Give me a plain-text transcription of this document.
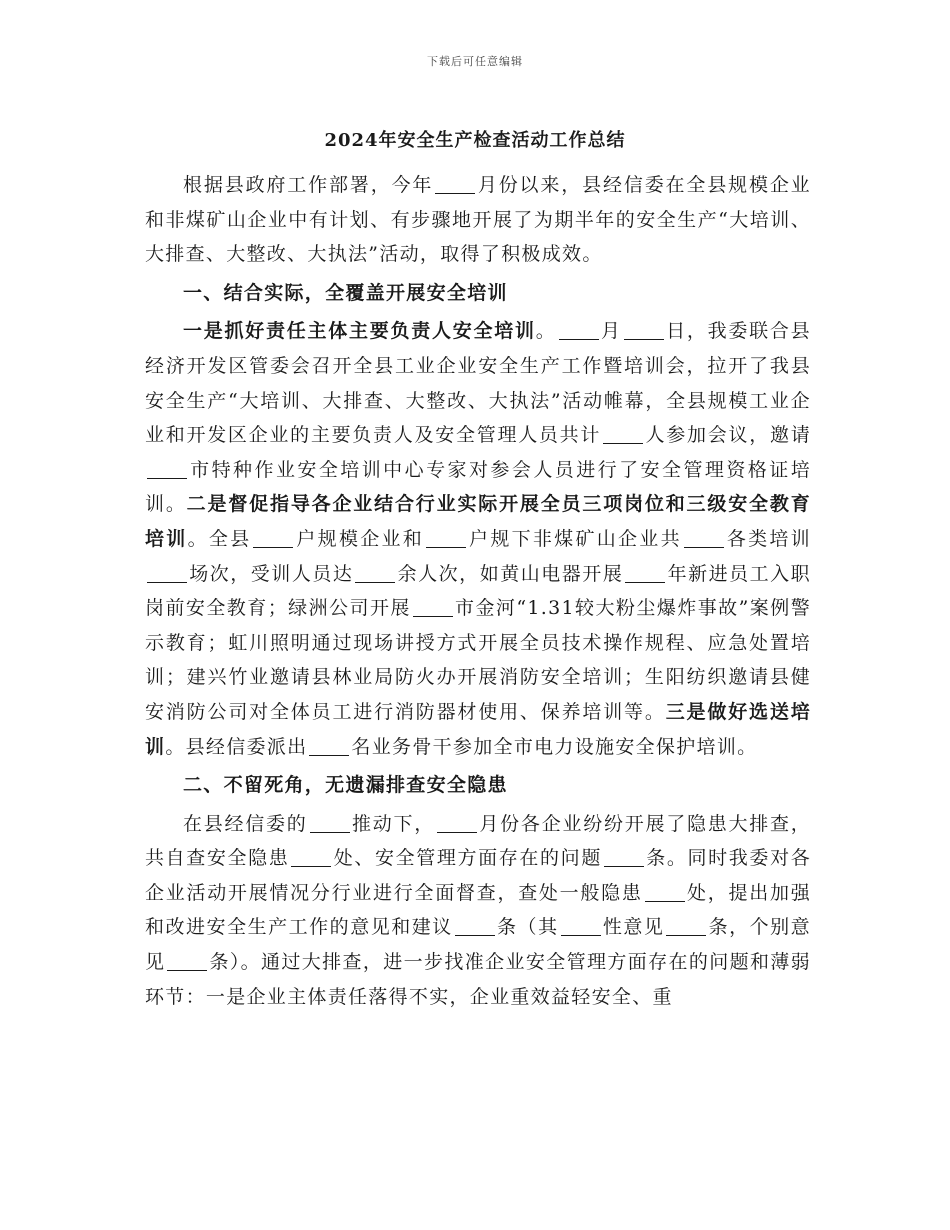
下载后可任意编辑
2024年安全生产检查活动工作总结

根据县政府工作部署，今年 月份以来，县经信委在全县规模企业和非煤矿山企业中有计划、有步骤地开展了为期半年的安全生产“大培训、大排查、大整改、大执法”活动，取得了积极成效。

一、结合实际，全覆盖开展安全培训

一是抓好责任主体主要负责人安全培训。 月 日，我委联合县经济开发区管委会召开全县工业企业安全生产工作暨培训会，拉开了我县安全生产“大培训、大排查、大整改、大执法”活动帷幕，全县规模工业企业和开发区企业的主要负责人及安全管理人员共计 人参加会议，邀请市特种作业安全培训中心专家对参会人员进行了安全管理资格证培训。二是督促指导各企业结合行业实际开展全员三项岗位和三级安全教育培训。全县 户规模企业和 户规下非煤矿山企业共 各类培训场次，受训人员达 余人次，如黄山电器开展 年新进员工入职岗前安全教育；绿洲公司开展 市金河“1.31较大粉尘爆炸事故”案例警示教育；虹川照明通过现场讲授方式开展全员技术操作规程、应急处置培训；建兴竹业邀请县林业局防火办开展消防安全培训；生阳纺织邀请县健安消防公司对全体员工进行消防器材使用、保养培训等。三是做好选送培训。县经信委派出 名业务骨干参加全市电力设施安全保护培训。

二、不留死角，无遗漏排查安全隐患

在县经信委的 推动下， 月份各企业纷纷开展了隐患大排查，共自查安全隐患 处、安全管理方面存在的问题 条。同时我委对各企业活动开展情况分行业进行全面督查，查处一般隐患 处，提出加强和改进安全生产工作的意见和建议 条（其 性意见 条，个别意见 条）。通过大排查，进一步找准企业安全管理方面存在的问题和薄弱环节：一是企业主体责任落得不实，企业重效益轻安全、重
